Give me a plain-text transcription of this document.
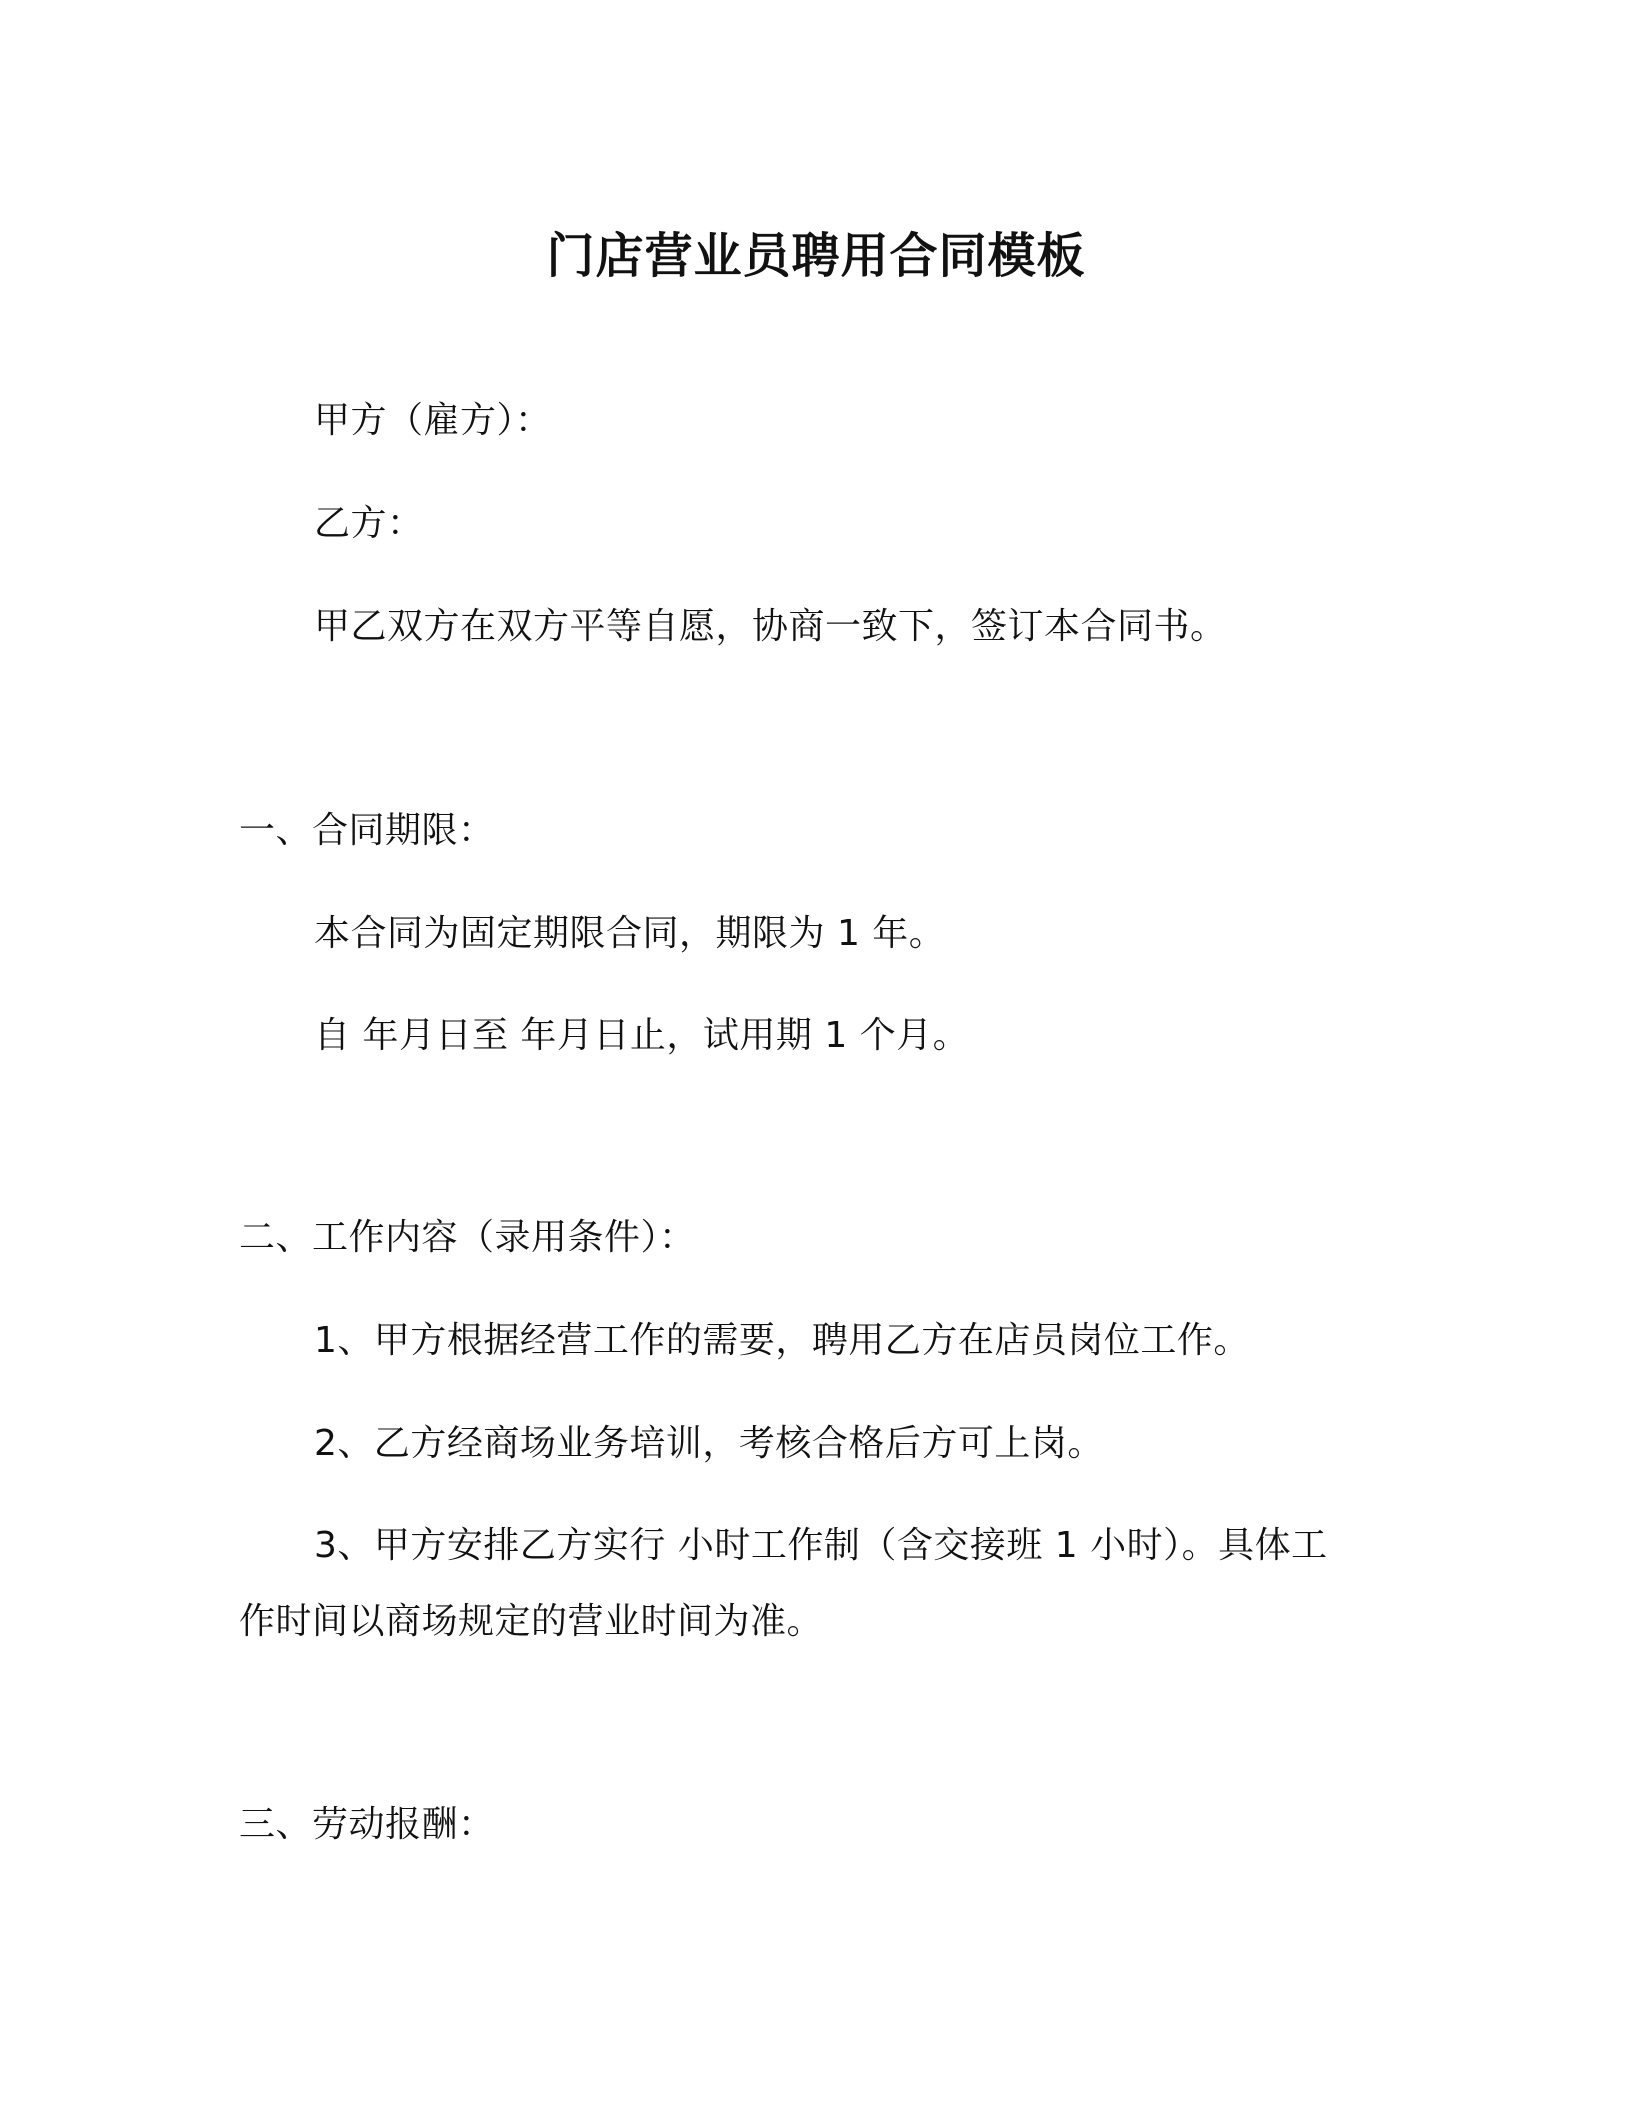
门店营业员聘用合同模板
甲方（雇方）：
乙方：
甲乙双方在双方平等自愿，协商一致下，签订本合同书。
一、合同期限：
本合同为固定期限合同，期限为 1 年。
自 年月日至 年月日止，试用期 1 个月。
二、工作内容（录用条件）：
1、甲方根据经营工作的需要，聘用乙方在店员岗位工作。
2、乙方经商场业务培训，考核合格后方可上岗。
3、甲方安排乙方实行 小时工作制（含交接班 1 小时）。具体工
作时间以商场规定的营业时间为准。
三、劳动报酬：
